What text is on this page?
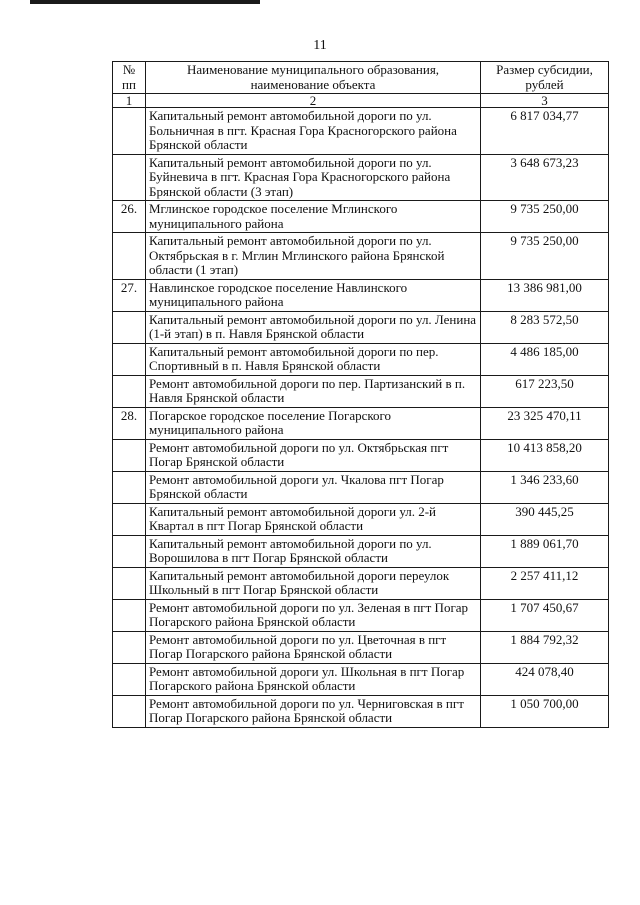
11
№ пп	Наименование муниципального образования, наименование объекта	Размер субсидии, рублей
1	2	3
	Капитальный ремонт автомобильной дороги по ул. Больничная в пгт. Красная Гора Красногорского района Брянской области	6 817 034,77
	Капитальный ремонт автомобильной дороги по ул. Буйневича в пгт. Красная Гора Красногорского района Брянской области (3 этап)	3 648 673,23
26.	Мглинское городское поселение Мглинского муниципального района	9 735 250,00
	Капитальный ремонт автомобильной дороги по ул. Октябрьская в г. Мглин Мглинского района Брянской области (1 этап)	9 735 250,00
27.	Навлинское городское поселение Навлинского муниципального района	13 386 981,00
	Капитальный ремонт автомобильной дороги по ул. Ленина (1-й этап) в п. Навля Брянской области	8 283 572,50
	Капитальный ремонт автомобильной дороги по пер. Спортивный в п. Навля Брянской области	4 486 185,00
	Ремонт автомобильной дороги по пер. Партизанский в п. Навля Брянской области	617 223,50
28.	Погарское городское поселение Погарского муниципального района	23 325 470,11
	Ремонт автомобильной дороги по ул. Октябрьская пгт Погар Брянской области	10 413 858,20
	Ремонт автомобильной дороги ул. Чкалова пгт Погар Брянской области	1 346 233,60
	Капитальный ремонт автомобильной дороги ул. 2-й Квартал в пгт Погар Брянской области	390 445,25
	Капитальный ремонт автомобильной дороги по ул. Ворошилова в пгт Погар Брянской области	1 889 061,70
	Капитальный ремонт автомобильной дороги переулок Школьный в пгт Погар Брянской области	2 257 411,12
	Ремонт автомобильной дороги по ул. Зеленая в пгт Погар Погарского района Брянской области	1 707 450,67
	Ремонт автомобильной дороги по ул. Цветочная в пгт Погар Погарского района Брянской области	1 884 792,32
	Ремонт автомобильной дороги ул. Школьная в пгт Погар Погарского района Брянской области	424 078,40
	Ремонт автомобильной дороги по ул. Черниговская в пгт Погар Погарского района Брянской области	1 050 700,00
